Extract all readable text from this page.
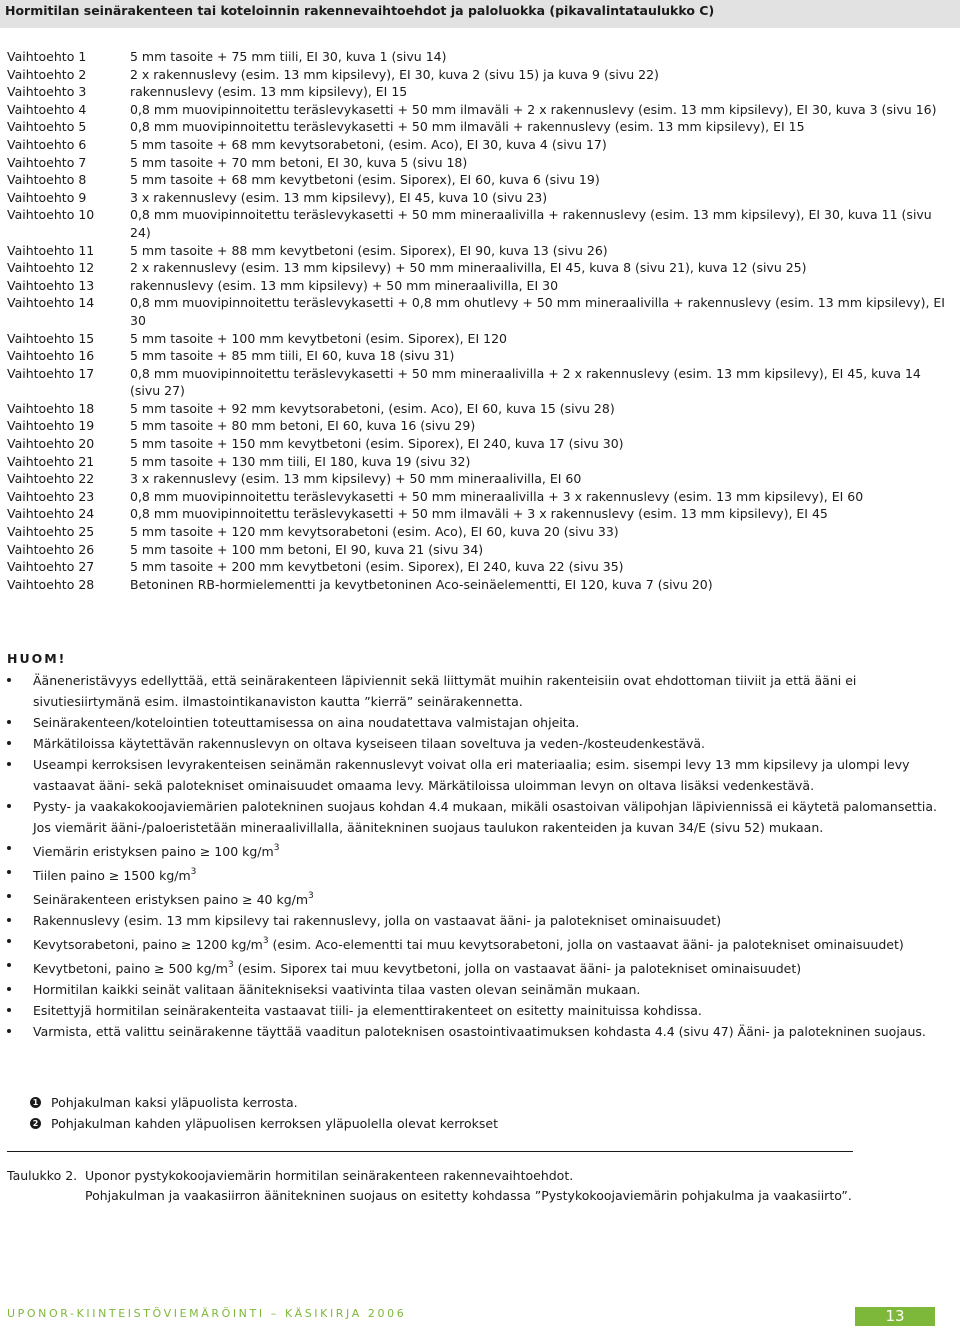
Hormitilan seinärakenteen tai koteloinnin rakennevaihtoehdot ja paloluokka (pikavalintataulukko C)
Vaihtoehto 1	5 mm tasoite + 75 mm tiili, EI 30, kuva 1 (sivu 14)
Vaihtoehto 2	2 x rakennuslevy (esim. 13 mm kipsilevy), EI 30, kuva 2 (sivu 15) ja kuva 9 (sivu 22)
Vaihtoehto 3	rakennuslevy (esim. 13 mm kipsilevy), EI 15
Vaihtoehto 4	0,8 mm muovipinnoitettu teräslevykasetti + 50 mm ilmaväli + 2 x rakennuslevy (esim. 13 mm kipsilevy), EI 30, kuva 3 (sivu 16)
Vaihtoehto 5	0,8 mm muovipinnoitettu teräslevykasetti + 50 mm ilmaväli + rakennuslevy (esim. 13 mm kipsilevy), EI 15
Vaihtoehto 6	5 mm tasoite + 68 mm kevytsorabetoni, (esim. Aco), EI 30, kuva 4 (sivu 17)
Vaihtoehto 7	5 mm tasoite + 70 mm betoni, EI 30, kuva 5 (sivu 18)
Vaihtoehto 8	5 mm tasoite + 68 mm kevytbetoni (esim. Siporex), EI 60, kuva 6 (sivu 19)
Vaihtoehto 9	3 x rakennuslevy (esim. 13 mm kipsilevy), EI 45, kuva 10 (sivu 23)
Vaihtoehto 10	0,8 mm muovipinnoitettu teräslevykasetti + 50 mm mineraalivilla + rakennuslevy (esim. 13 mm kipsilevy), EI 30, kuva 11 (sivu 24)
Vaihtoehto 11	5 mm tasoite + 88 mm kevytbetoni (esim. Siporex), EI 90, kuva 13 (sivu 26)
Vaihtoehto 12	2 x rakennuslevy (esim. 13 mm kipsilevy) + 50 mm mineraalivilla, EI 45, kuva 8 (sivu 21), kuva 12 (sivu 25)
Vaihtoehto 13	rakennuslevy (esim. 13 mm kipsilevy) + 50 mm mineraalivilla, EI 30
Vaihtoehto 14	0,8 mm muovipinnoitettu teräslevykasetti + 0,8 mm ohutlevy + 50 mm mineraalivilla + rakennuslevy (esim. 13 mm kipsilevy), EI 30
Vaihtoehto 15	5 mm tasoite + 100 mm kevytbetoni (esim. Siporex), EI 120
Vaihtoehto 16	5 mm tasoite + 85 mm tiili, EI 60, kuva 18 (sivu 31)
Vaihtoehto 17	0,8 mm muovipinnoitettu teräslevykasetti + 50 mm mineraalivilla + 2 x rakennuslevy (esim. 13 mm kipsilevy), EI 45, kuva 14 (sivu 27)
Vaihtoehto 18	5 mm tasoite + 92 mm kevytsorabetoni, (esim. Aco), EI 60, kuva 15 (sivu 28)
Vaihtoehto 19	5 mm tasoite + 80 mm betoni, EI 60, kuva 16 (sivu 29)
Vaihtoehto 20	5 mm tasoite + 150 mm kevytbetoni (esim. Siporex), EI 240, kuva 17 (sivu 30)
Vaihtoehto 21	5 mm tasoite + 130 mm tiili, EI 180, kuva 19 (sivu 32)
Vaihtoehto 22	3 x rakennuslevy (esim. 13 mm kipsilevy) + 50 mm mineraalivilla, EI 60
Vaihtoehto 23	0,8 mm muovipinnoitettu teräslevykasetti + 50 mm mineraalivilla + 3 x rakennuslevy (esim. 13 mm kipsilevy), EI 60
Vaihtoehto 24	0,8 mm muovipinnoitettu teräslevykasetti + 50 mm ilmaväli + 3 x rakennuslevy (esim. 13 mm kipsilevy), EI 45
Vaihtoehto 25	5 mm tasoite + 120 mm kevytsorabetoni (esim. Aco), EI 60, kuva 20 (sivu 33)
Vaihtoehto 26	5 mm tasoite + 100 mm betoni, EI 90, kuva 21 (sivu 34)
Vaihtoehto 27	5 mm tasoite + 200 mm kevytbetoni (esim. Siporex), EI 240, kuva 22 (sivu 35)
Vaihtoehto 28	Betoninen RB-hormielementti ja kevytbetoninen Aco-seinäelementti, EI 120, kuva 7 (sivu 20)
HUOM!
Ääneneristävyys edellyttää, että seinärakenteen läpiviennit sekä liittymät muihin rakenteisiin ovat ehdottoman tiiviit ja että ääni ei sivutiesiirtymänä esim. ilmastointikanaviston kautta ”kierrä” seinärakennetta.
Seinärakenteen/kotelointien toteuttamisessa on aina noudatettava valmistajan ohjeita.
Märkätiloissa käytettävän rakennuslevyn on oltava kyseiseen tilaan soveltuva ja veden-/kosteudenkestävä.
Useampi kerroksisen levyrakenteisen seinämän rakennuslevyt voivat olla eri materiaalia; esim. sisempi levy 13 mm kipsilevy ja ulompi levy vastaavat ääni- sekä palotekniset ominaisuudet omaama levy. Märkätiloissa uloimman levyn on oltava lisäksi vedenkestävä.
Pysty- ja vaakakokoojaviemärien palotekninen suojaus kohdan 4.4 mukaan, mikäli osastoivan välipohjan läpiviennissä ei käytetä palomansettia. Jos viemärit ääni-/paloeristetään mineraalivillalla, äänitekninen suojaus taulukon rakenteiden ja kuvan 34/E (sivu 52) mukaan.
Viemärin eristyksen paino ≥ 100 $kg/m^3$
Tiilen paino ≥ 1500 $kg/m^3$
Seinärakenteen eristyksen paino ≥ 40 $kg/m^3$
Rakennuslevy (esim. 13 mm kipsilevy tai rakennuslevy, jolla on vastaavat ääni- ja palotekniset ominaisuudet)
Kevytsorabetoni, paino ≥ 1200 $kg/m^3$ (esim. Aco-elementti tai muu kevytsorabetoni, jolla on vastaavat ääni- ja palotekniset ominaisuudet)
Kevytbetoni, paino ≥ 500 $kg/m^3$ (esim. Siporex tai muu kevytbetoni, jolla on vastaavat ääni- ja palotekniset ominaisuudet)
Hormitilan kaikki seinät valitaan äänitekniseksi vaativinta tilaa vasten olevan seinämän mukaan.
Esitettyjä hormitilan seinärakenteita vastaavat tiili- ja elementtirakenteet on esitetty mainituissa kohdissa.
Varmista, että valittu seinärakenne täyttää vaaditun paloteknisen osastointivaatimuksen kohdasta 4.4 (sivu 47) Ääni- ja palotekninen suojaus.
1 Pohjakulman kaksi yläpuolista kerrosta.
2 Pohjakulman kahden yläpuolisen kerroksen yläpuolella olevat kerrokset
Taulukko 2. Uponor pystykokoojaviemärin hormitilan seinärakenteen rakennevaihtoehdot.
Pohjakulman ja vaakasiirron äänitekninen suojaus on esitetty kohdassa ”Pystykokoojaviemärin pohjakulma ja vaakasiirto”.
UPONOR-KIINTEISTÖVIEMÄRÖINTI – KÄSIKIRJA 2006	13
